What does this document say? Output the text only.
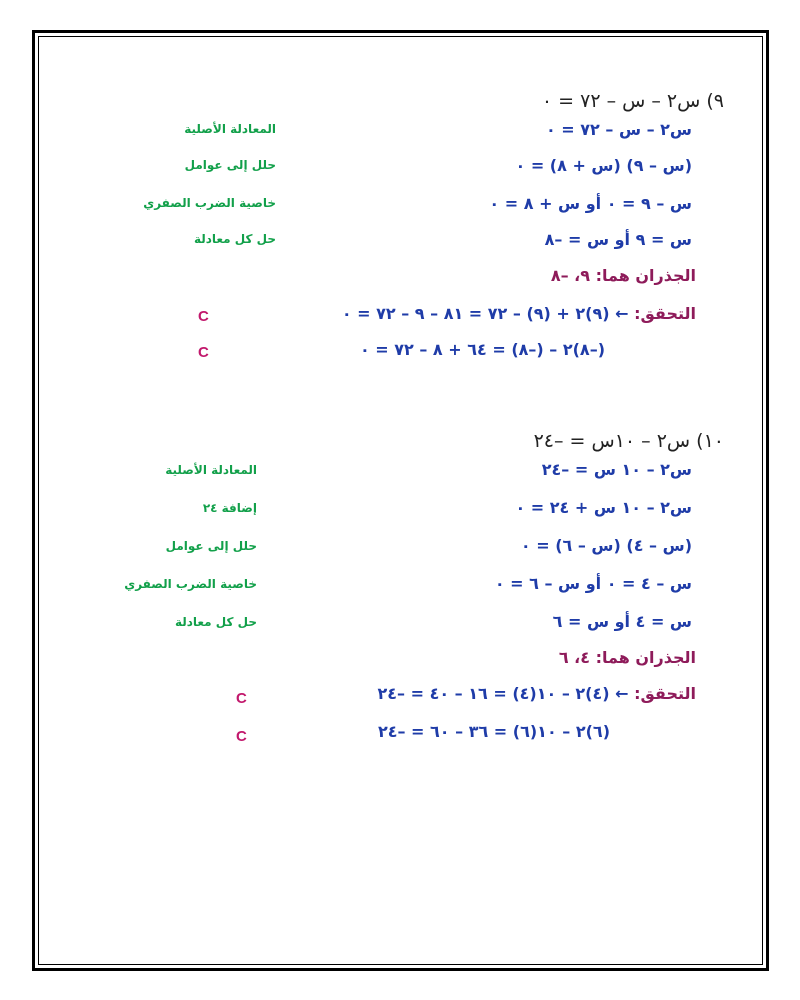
٩) س٢ – س – ٧٢ = ٠
س٢ – س – ٧٢ = ٠
المعادلة الأصلية
(س – ٩) (س + ٨) = ٠
حلل إلى عوامل
س – ٩ = ٠ أو س + ٨ = ٠
خاصية الضرب الصفري
س = ٩ أو س = –٨
حل كل معادلة
الجذران هما: ٩، –٨
التحقق: ← (٩)٢ + (٩) – ٧٢ = ٨١ – ٩ – ٧٢ = ٠
C
(–٨)٢ – (–٨) = ٦٤ + ٨ – ٧٢ = ٠
C
١٠) س٢ – ١٠س = –٢٤
س٢ – ١٠ س = –٢٤
المعادلة الأصلية
س٢ – ١٠ س + ٢٤ = ٠
إضافة ٢٤
(س – ٤) (س – ٦) = ٠
حلل إلى عوامل
س – ٤ = ٠ أو س – ٦ = ٠
خاصية الضرب الصفري
س = ٤ أو س = ٦
حل كل معادلة
الجذران هما: ٤، ٦
التحقق: ← (٤)٢ – ١٠(٤) = ١٦ – ٤٠ = –٢٤
C
(٦)٢ – ١٠(٦) = ٣٦ – ٦٠ = –٢٤
C
